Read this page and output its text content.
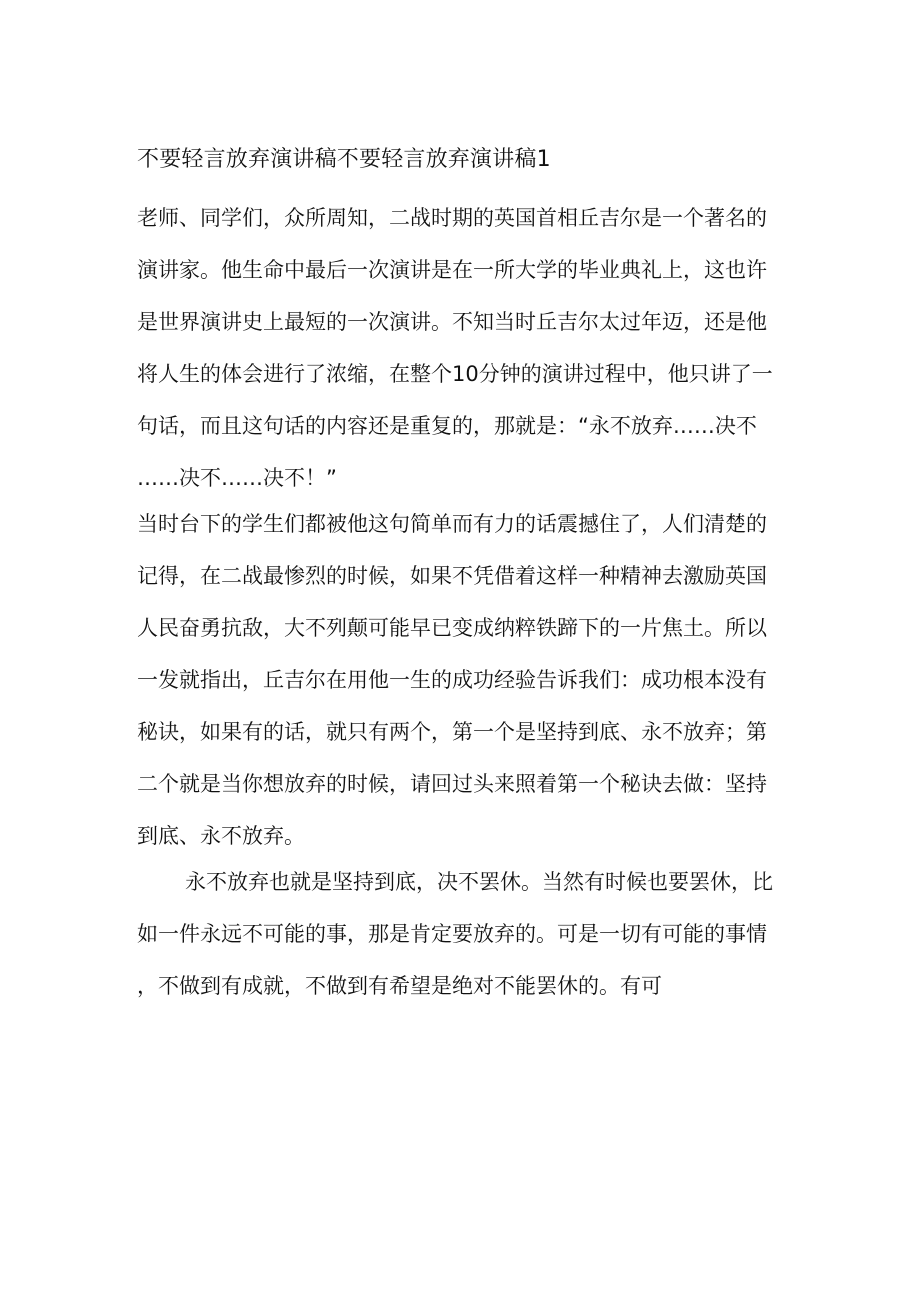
不要轻言放弃演讲稿不要轻言放弃演讲稿1
老师、同学们，众所周知，二战时期的英国首相丘吉尔是一个著名的
演讲家。他生命中最后一次演讲是在一所大学的毕业典礼上，这也许
是世界演讲史上最短的一次演讲。不知当时丘吉尔太过年迈，还是他
将人生的体会进行了浓缩，在整个10分钟的演讲过程中，他只讲了一
句话，而且这句话的内容还是重复的，那就是：“永不放弃……决不
……决不……决不！”
当时台下的学生们都被他这句简单而有力的话震撼住了，人们清楚的
记得，在二战最惨烈的时候，如果不凭借着这样一种精神去激励英国
人民奋勇抗敌，大不列颠可能早已变成纳粹铁蹄下的一片焦土。所以
一发就指出，丘吉尔在用他一生的成功经验告诉我们：成功根本没有
秘诀，如果有的话，就只有两个，第一个是坚持到底、永不放弃；第
二个就是当你想放弃的时候，请回过头来照着第一个秘诀去做：坚持
到底、永不放弃。
永不放弃也就是坚持到底，决不罢休。当然有时候也要罢休，比
如一件永远不可能的事，那是肯定要放弃的。可是一切有可能的事情
，不做到有成就，不做到有希望是绝对不能罢休的。有可
